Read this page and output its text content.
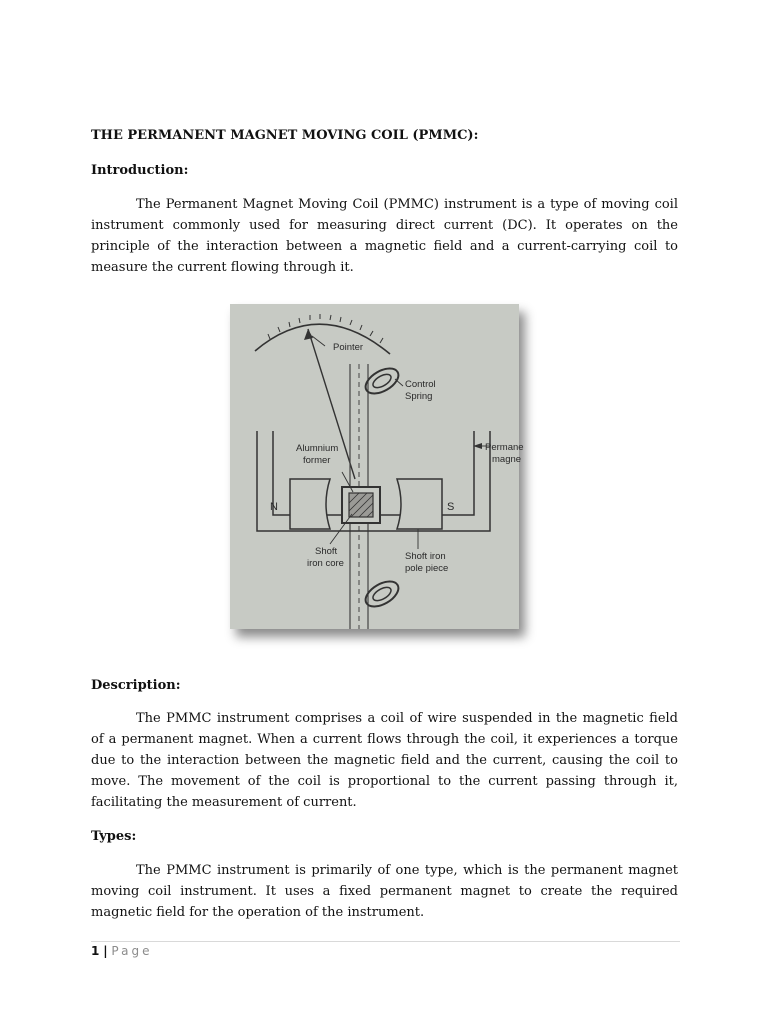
THE PERMANENT MAGNET MOVING COIL (PMMC):
Introduction:

The Permanent Magnet Moving Coil (PMMC) instrument is a type of moving coil instrument commonly used for measuring direct current (DC). It operates on the principle of the interaction between a magnetic field and a current-carrying coil to measure the current flowing through it.

Pointer
Control
Spring
Alumnium
former
Permane
magne
N	S
Shoft
iron core
Shoft iron
pole piece
Description:

The PMMC instrument comprises a coil of wire suspended in the magnetic field of a permanent magnet. When a current flows through the coil, it experiences a torque due to the interaction between the magnetic field and the current, causing the coil to move. The movement of the coil is proportional to the current passing through it, facilitating the measurement of current.

Types:

The PMMC instrument is primarily of one type, which is the permanent magnet moving coil instrument. It uses a fixed permanent magnet to create the required magnetic field for the operation of the instrument.

1 | Page
